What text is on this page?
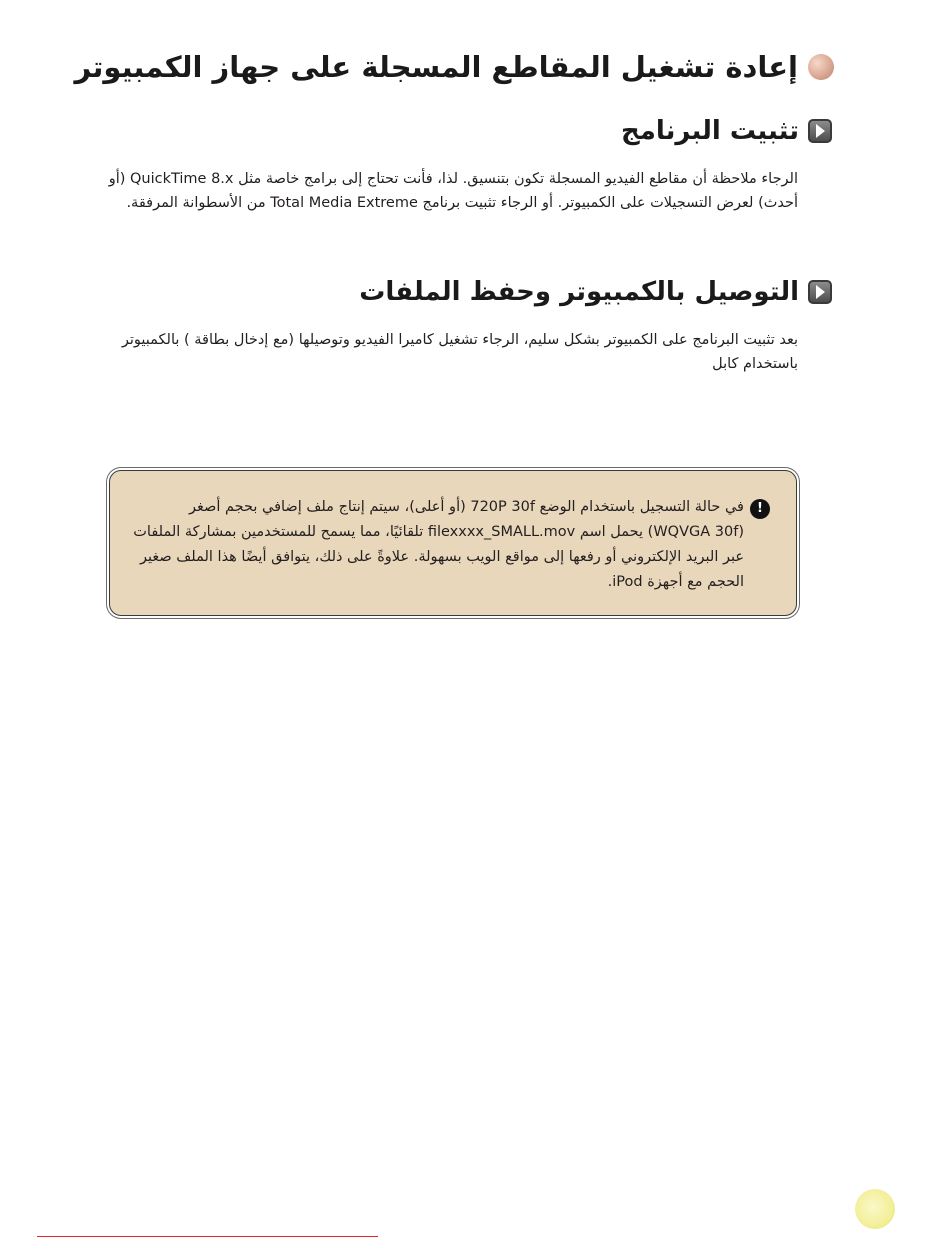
إعادة تشغيل المقاطع المسجلة على جهاز الكمبيوتر
تثبيت البرنامج
الرجاء ملاحظة أن مقاطع الفيديو المسجلة تكون بتنسيق. لذا، فأنت تحتاج إلى برامج خاصة مثل QuickTime 8.x (أو
أحدث) لعرض التسجيلات على الكمبيوتر. أو الرجاء تثبيت برنامج Total Media Extreme من الأسطوانة المرفقة.
التوصيل بالكمبيوتر وحفظ الملفات
بعد تثبيت البرنامج على الكمبيوتر بشكل سليم، الرجاء تشغيل كاميرا الفيديو وتوصيلها (مع إدخال بطاقة ) بالكمبيوتر
باستخدام كابل
!
في حالة التسجيل باستخدام الوضع 720P 30f (أو أعلى)، سيتم إنتاج ملف إضافي بحجم أصغر
(WQVGA 30f) يحمل اسم filexxxx_SMALL.mov تلقائيًا، مما يسمح للمستخدمين بمشاركة الملفات
عبر البريد الإلكتروني أو رفعها إلى مواقع الويب بسهولة. علاوةً على ذلك، يتوافق أيضًا هذا الملف صغير
الحجم مع أجهزة iPod.
